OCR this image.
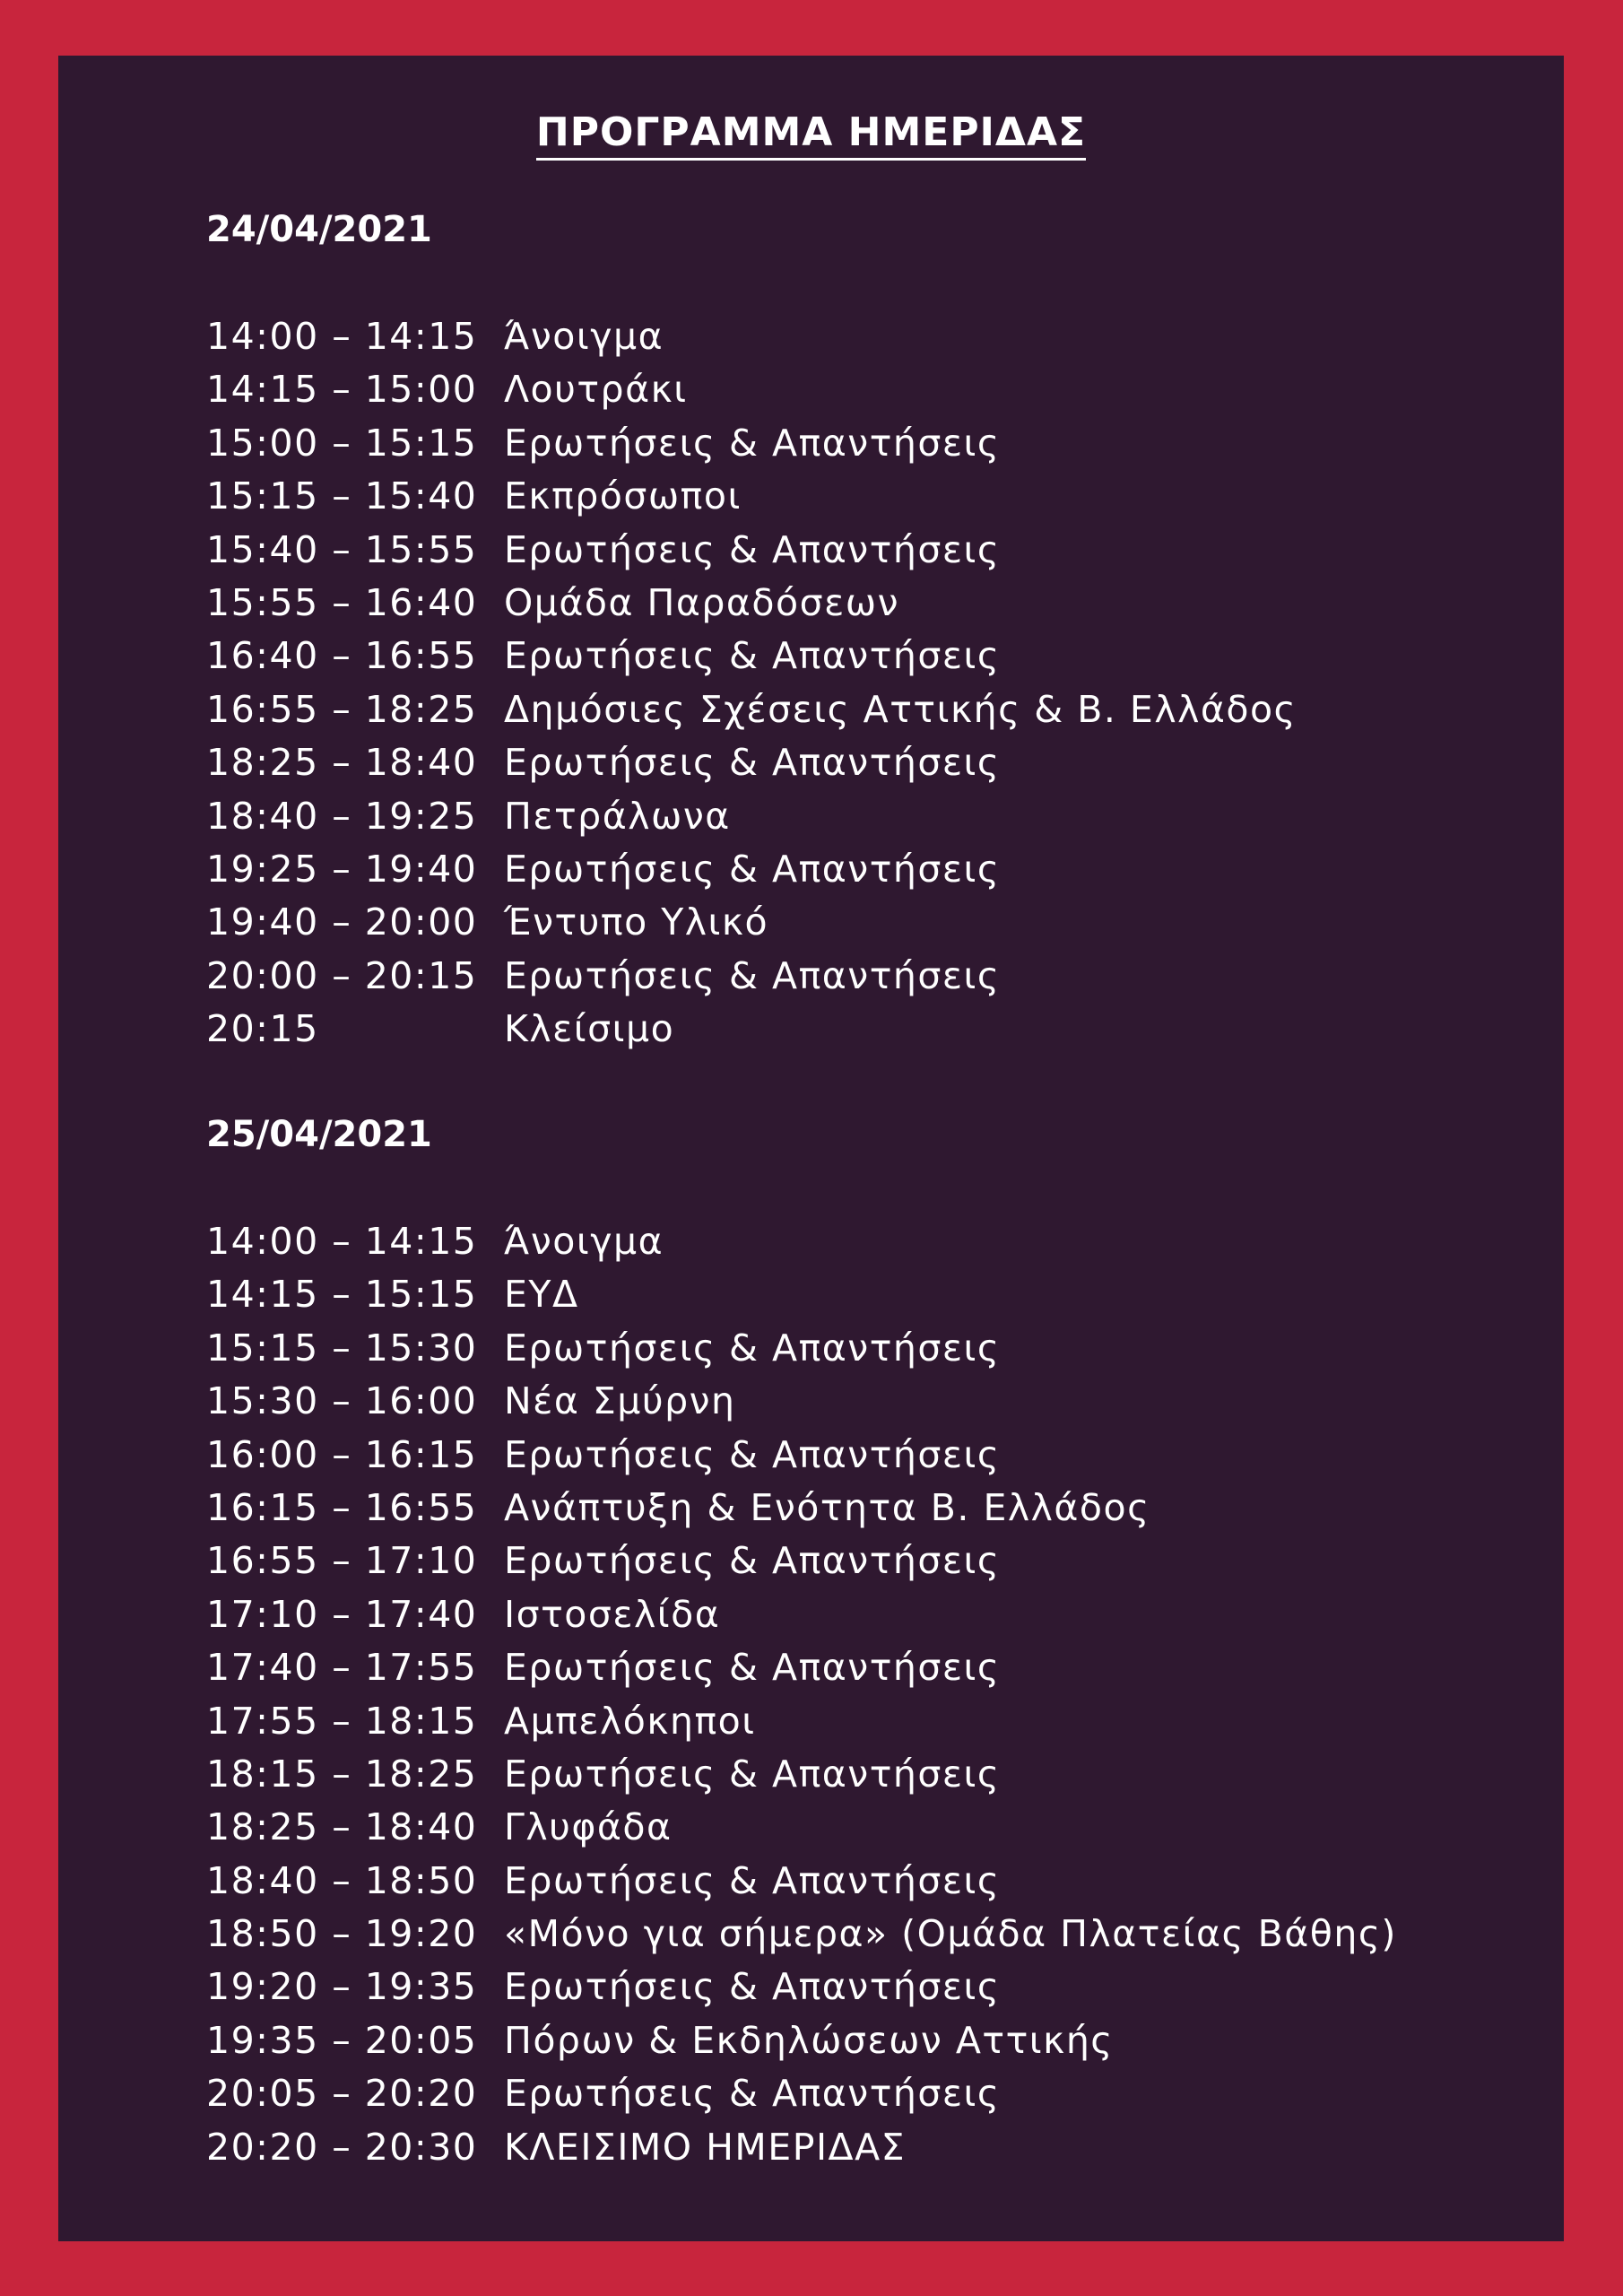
ΠΡΟΓΡΑΜΜΑ ΗΜΕΡΙΔΑΣ
24/04/2021
14:00 – 14:15 Άνοιγμα
14:15 – 15:00 Λουτράκι
15:00 – 15:15 Ερωτήσεις & Απαντήσεις
15:15 – 15:40 Εκπρόσωποι
15:40 – 15:55 Ερωτήσεις & Απαντήσεις
15:55 – 16:40 Ομάδα Παραδόσεων
16:40 – 16:55 Ερωτήσεις & Απαντήσεις
16:55 – 18:25 Δημόσιες Σχέσεις Αττικής & Β. Ελλάδος
18:25 – 18:40 Ερωτήσεις & Απαντήσεις
18:40 – 19:25 Πετράλωνα
19:25 – 19:40 Ερωτήσεις & Απαντήσεις
19:40 – 20:00 Έντυπο Υλικό
20:00 – 20:15 Ερωτήσεις & Απαντήσεις
20:15	Κλείσιμο
25/04/2021
14:00 – 14:15 Άνοιγμα
14:15 – 15:15 ΕΥΔ
15:15 – 15:30 Ερωτήσεις & Απαντήσεις
15:30 – 16:00 Νέα Σμύρνη
16:00 – 16:15 Ερωτήσεις & Απαντήσεις
16:15 – 16:55 Ανάπτυξη & Ενότητα Β. Ελλάδος
16:55 – 17:10 Ερωτήσεις & Απαντήσεις
17:10 – 17:40 Ιστοσελίδα
17:40 – 17:55 Ερωτήσεις & Απαντήσεις
17:55 – 18:15 Αμπελόκηποι
18:15 – 18:25 Ερωτήσεις & Απαντήσεις
18:25 – 18:40 Γλυφάδα
18:40 – 18:50 Ερωτήσεις & Απαντήσεις
18:50 – 19:20 «Μόνο για σήμερα» (Ομάδα Πλατείας Βάθης)
19:20 – 19:35 Ερωτήσεις & Απαντήσεις
19:35 – 20:05 Πόρων & Εκδηλώσεων Αττικής
20:05 – 20:20 Ερωτήσεις & Απαντήσεις
20:20 – 20:30 ΚΛΕΙΣΙΜΟ ΗΜΕΡΙΔΑΣ
